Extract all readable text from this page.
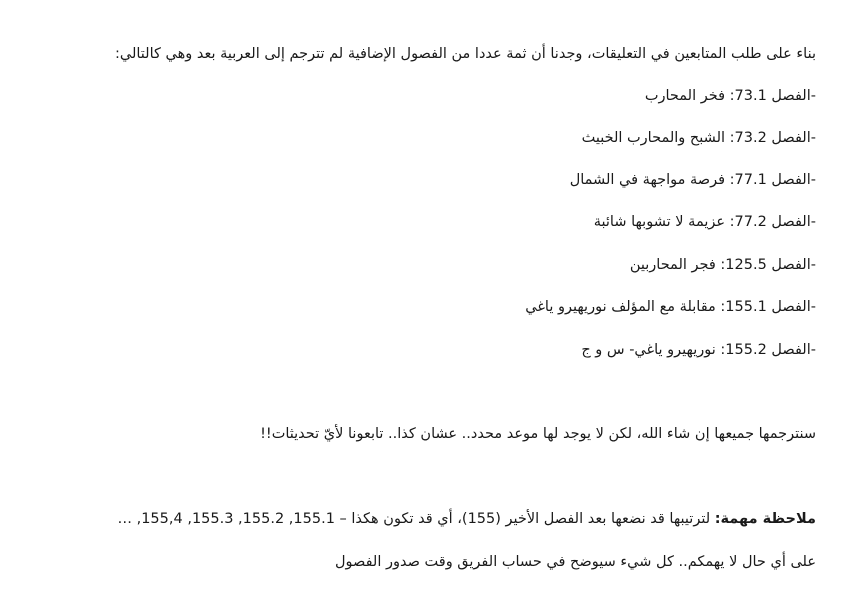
بناء على طلب المتابعين في التعليقات، وجدنا أن ثمة عددا من الفصول الإضافية لم تترجم إلى العربية بعد وهي كالتالي:
-الفصل 73.1: فخر المحارب
-الفصل 73.2: الشبح والمحارب الخبيث
-الفصل 77.1: فرصة مواجهة في الشمال
-الفصل 77.2: عزيمة لا تشوبها شائبة
-الفصل 125.5: فجر المحاربين
-الفصل 155.1: مقابلة مع المؤلف نوريهيرو ياغي
-الفصل 155.2: نوريهيرو ياغي- س و ج
سنترجمها جميعها إن شاء الله، لكن لا يوجد لها موعد محدد.. عشان كذا.. تابعونا لأيّ تحديثات!!
ملاحظة مهمة: لترتيبها قد نضعها بعد الفصل الأخير (155)، أي قد تكون هكذا – 155.1, 155.2, 155.3, 155,4, …
على أي حال لا يهمكم.. كل شيء سيوضح في حساب الفريق وقت صدور الفصول
